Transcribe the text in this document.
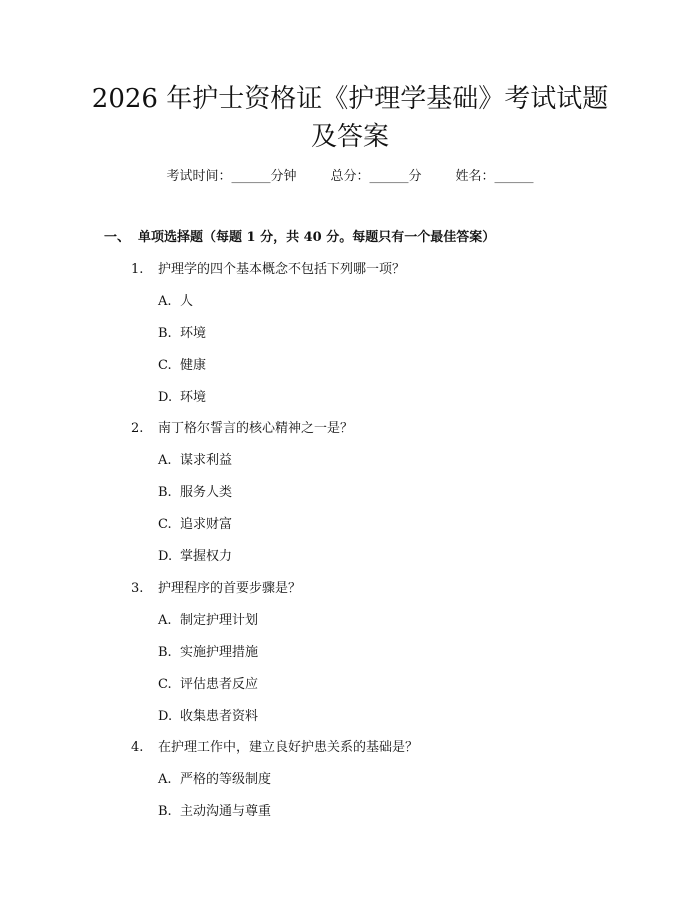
2026 年护士资格证《护理学基础》考试试题
及答案
考试时间：______分钟	总分：______分	姓名：______
一、 单项选择题（每题 1 分，共 40 分。每题只有一个最佳答案）
1. 护理学的四个基本概念不包括下列哪一项？
A. 人
B. 环境
C. 健康
D. 环境
2. 南丁格尔誓言的核心精神之一是？
A. 谋求利益
B. 服务人类
C. 追求财富
D. 掌握权力
3. 护理程序的首要步骤是？
A. 制定护理计划
B. 实施护理措施
C. 评估患者反应
D. 收集患者资料
4. 在护理工作中，建立良好护患关系的基础是？
A. 严格的等级制度
B. 主动沟通与尊重
